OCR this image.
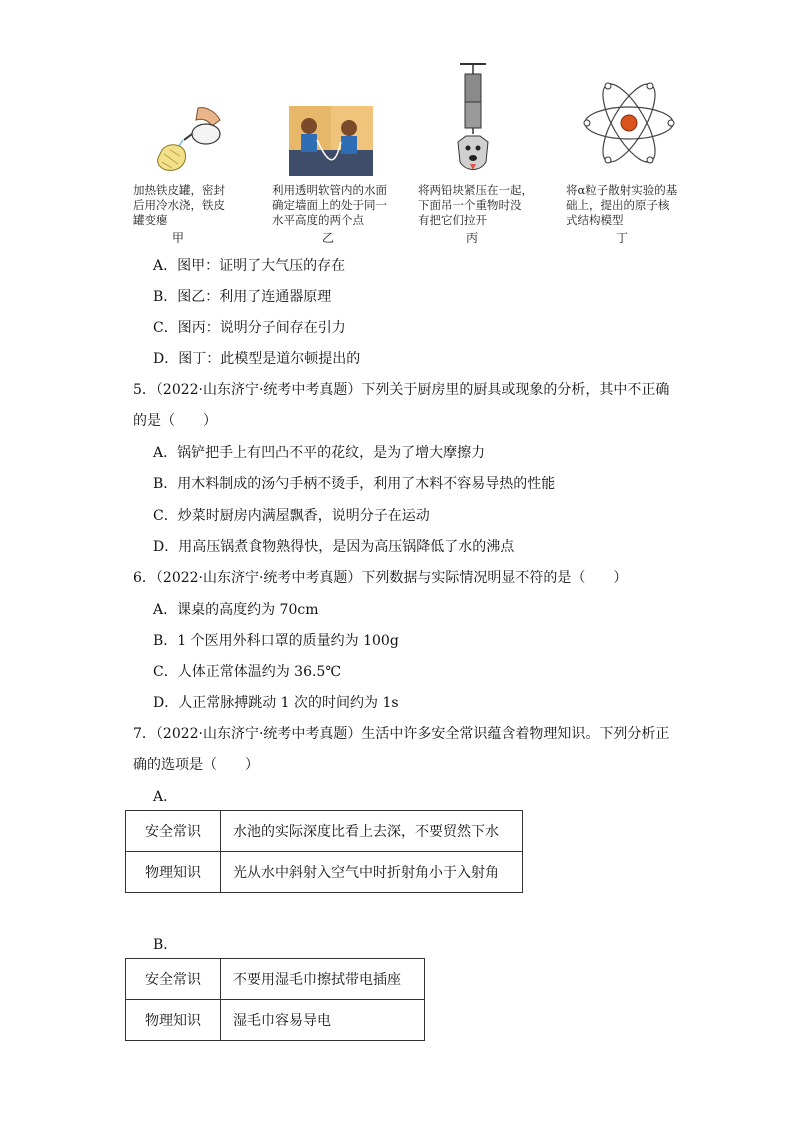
加热铁皮罐，密封
后用冷水浇，铁皮
罐变瘪
甲
利用透明软管内的水面
确定墙面上的处于同一
水平高度的两个点
乙
将两铅块紧压在一起，
下面吊一个重物时没
有把它们拉开
丙
将α粒子散射实验的基
础上，提出的原子核
式结构模型
丁
A．图甲：证明了大气压的存在
B．图乙：利用了连通器原理
C．图丙：说明分子间存在引力
D．图丁：此模型是道尔顿提出的
5．（2022·山东济宁·统考中考真题）下列关于厨房里的厨具或现象的分析，其中不正确
的是（　　）
A．锅铲把手上有凹凸不平的花纹，是为了增大摩擦力
B．用木料制成的汤勺手柄不烫手，利用了木料不容易导热的性能
C．炒菜时厨房内满屋飘香，说明分子在运动
D．用高压锅煮食物熟得快，是因为高压锅降低了水的沸点
6．（2022·山东济宁·统考中考真题）下列数据与实际情况明显不符的是（　　）
A．课桌的高度约为 70cm
B．1 个医用外科口罩的质量约为 100g
C．人体正常体温约为 36.5℃
D．人正常脉搏跳动 1 次的时间约为 1s
7．（2022·山东济宁·统考中考真题）生活中许多安全常识蕴含着物理知识。下列分析正
确的选项是（　　）
A．
安全常识	水池的实际深度比看上去深，不要贸然下水
物理知识	光从水中斜射入空气中时折射角小于入射角
B．
安全常识	不要用湿毛巾擦拭带电插座
物理知识	湿毛巾容易导电
